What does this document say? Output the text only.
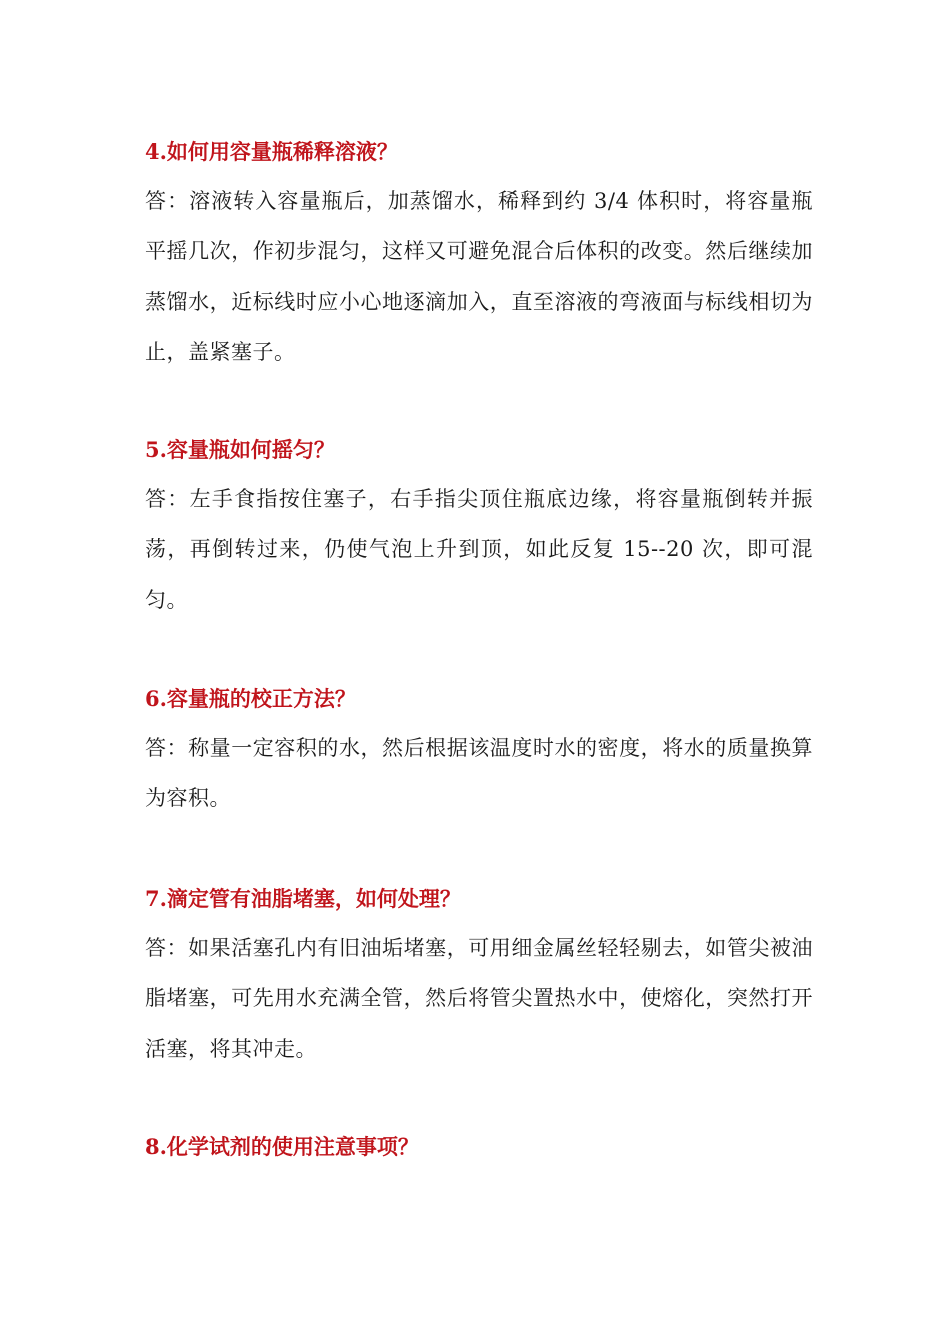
4.如何用容量瓶稀释溶液？

答：溶液转入容量瓶后，加蒸馏水，稀释到约 3/4 体积时，将容量瓶平摇几次，作初步混匀，这样又可避免混合后体积的改变。然后继续加蒸馏水，近标线时应小心地逐滴加入，直至溶液的弯液面与标线相切为止，盖紧塞子。

5.容量瓶如何摇匀？

答：左手食指按住塞子，右手指尖顶住瓶底边缘，将容量瓶倒转并振荡，再倒转过来，仍使气泡上升到顶，如此反复 15--20 次，即可混匀。

6.容量瓶的校正方法？

答：称量一定容积的水，然后根据该温度时水的密度，将水的质量换算为容积。

7.滴定管有油脂堵塞，如何处理？

答：如果活塞孔内有旧油垢堵塞，可用细金属丝轻轻剔去，如管尖被油脂堵塞，可先用水充满全管，然后将管尖置热水中，使熔化，突然打开活塞，将其冲走。

8.化学试剂的使用注意事项？
